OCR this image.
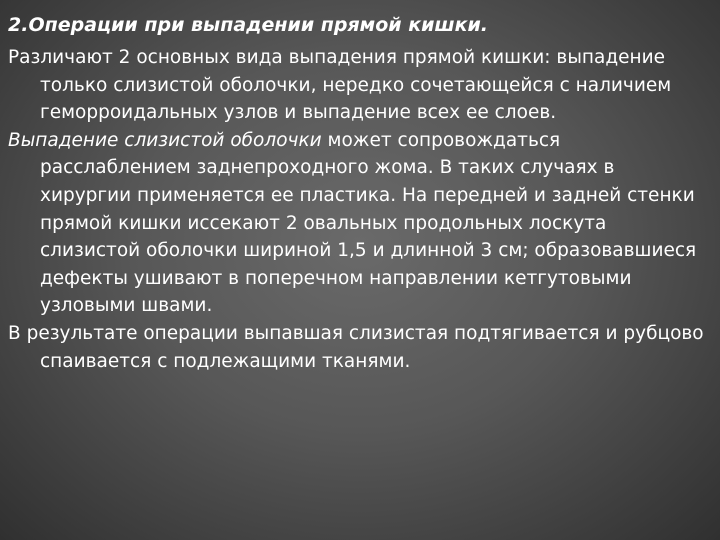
2.Операции при выпадении прямой кишки.

Различают 2 основных вида выпадения прямой кишки: выпадение только слизистой оболочки, нередко сочетающейся с наличием геморроидальных узлов и выпадение всех ее слоев.

Выпадение слизистой оболочки может сопровождаться расслаблением заднепроходного жома. В таких случаях в хирургии применяется ее пластика. На передней и задней стенки прямой кишки иссекают 2 овальных продольных лоскута слизистой оболочки шириной 1,5 и длинной 3 см; образовавшиеся дефекты ушивают в поперечном направлении кетгутовыми узловыми швами.

В результате операции выпавшая слизистая подтягивается и рубцово спаивается с подлежащими тканями.
